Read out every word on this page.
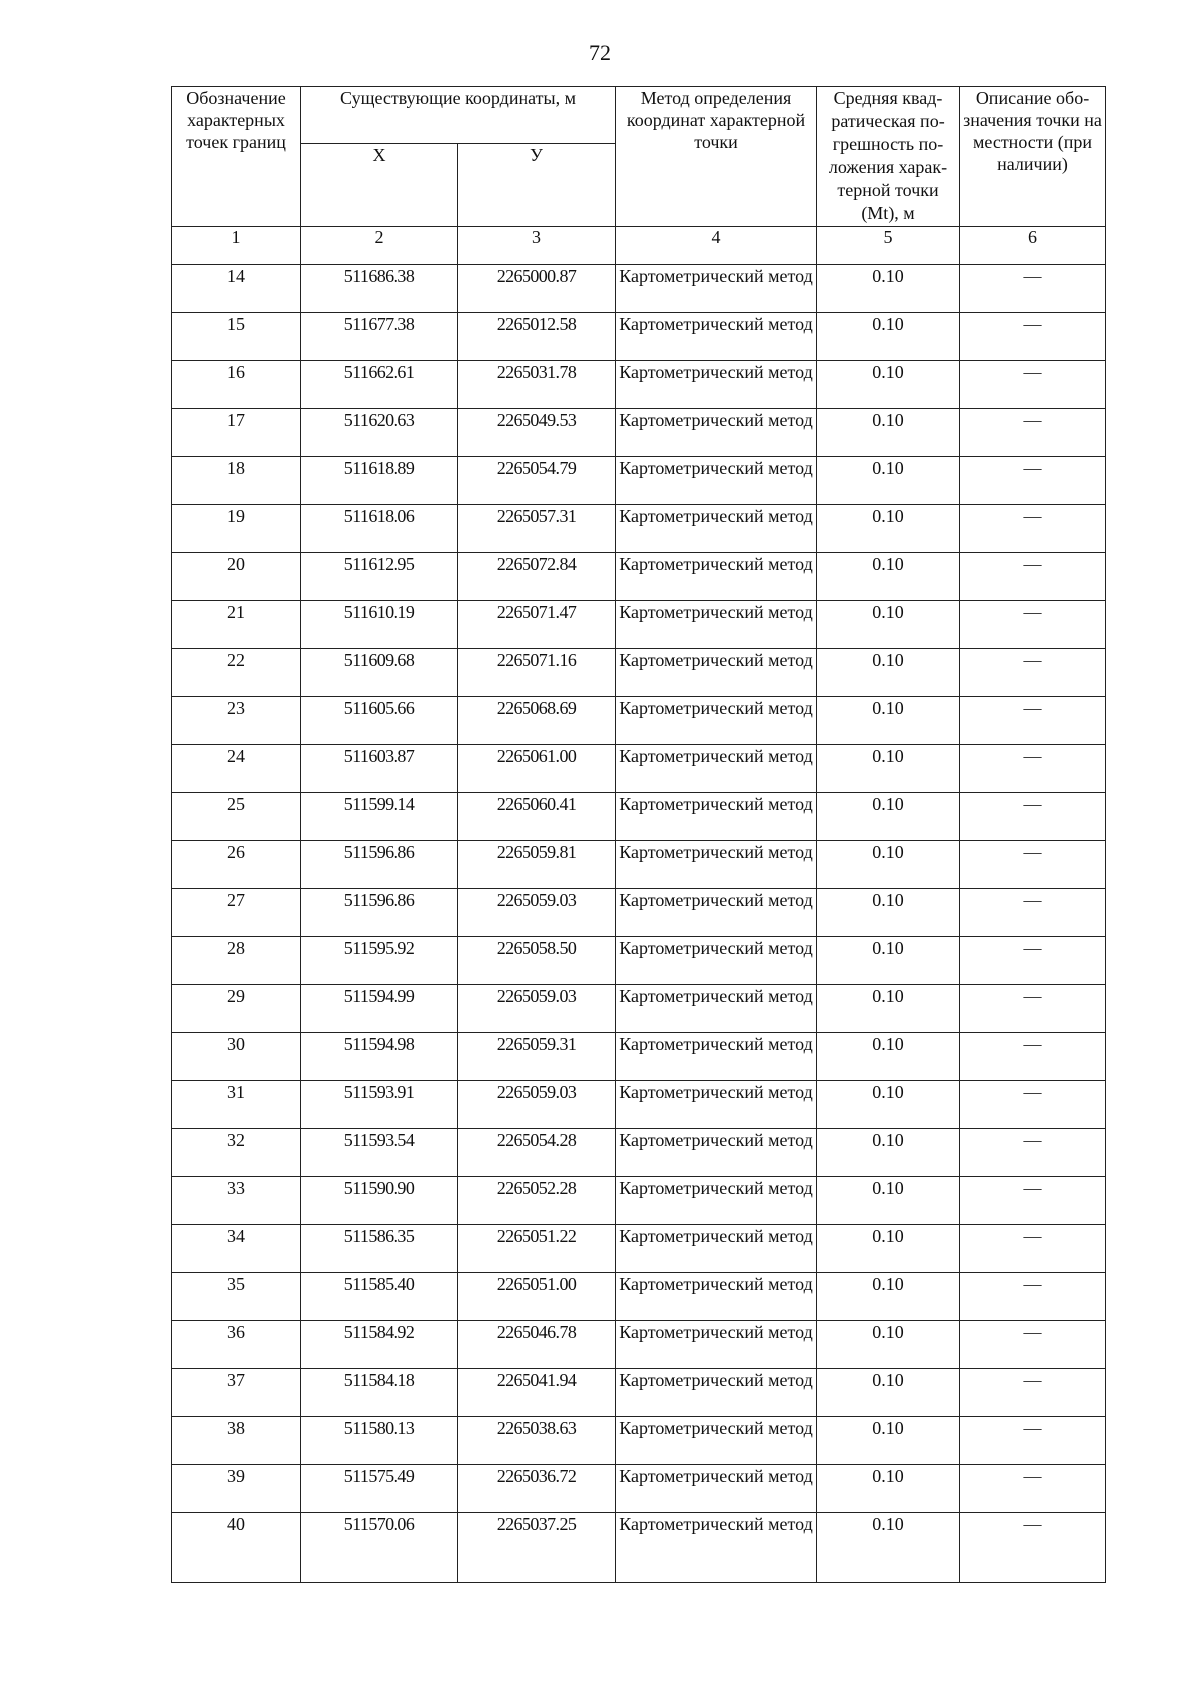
72
Обозначение характерных точек границ	Существующие координаты, м		Метод определения координат характерной точки	Средняя квадратическая погрешность положения характерной точки (Mt), м	Описание обозначения точки на местности (при наличии)
	X	У			
1	2	3	4	5	6
14	511686.38	2265000.87	Картометрический метод	0.10	—
15	511677.38	2265012.58	Картометрический метод	0.10	—
16	511662.61	2265031.78	Картометрический метод	0.10	—
17	511620.63	2265049.53	Картометрический метод	0.10	—
18	511618.89	2265054.79	Картометрический метод	0.10	—
19	511618.06	2265057.31	Картометрический метод	0.10	—
20	511612.95	2265072.84	Картометрический метод	0.10	—
21	511610.19	2265071.47	Картометрический метод	0.10	—
22	511609.68	2265071.16	Картометрический метод	0.10	—
23	511605.66	2265068.69	Картометрический метод	0.10	—
24	511603.87	2265061.00	Картометрический метод	0.10	—
25	511599.14	2265060.41	Картометрический метод	0.10	—
26	511596.86	2265059.81	Картометрический метод	0.10	—
27	511596.86	2265059.03	Картометрический метод	0.10	—
28	511595.92	2265058.50	Картометрический метод	0.10	—
29	511594.99	2265059.03	Картометрический метод	0.10	—
30	511594.98	2265059.31	Картометрический метод	0.10	—
31	511593.91	2265059.03	Картометрический метод	0.10	—
32	511593.54	2265054.28	Картометрический метод	0.10	—
33	511590.90	2265052.28	Картометрический метод	0.10	—
34	511586.35	2265051.22	Картометрический метод	0.10	—
35	511585.40	2265051.00	Картометрический метод	0.10	—
36	511584.92	2265046.78	Картометрический метод	0.10	—
37	511584.18	2265041.94	Картометрический метод	0.10	—
38	511580.13	2265038.63	Картометрический метод	0.10	—
39	511575.49	2265036.72	Картометрический метод	0.10	—
40	511570.06	2265037.25	Картометрический метод	0.10	—
